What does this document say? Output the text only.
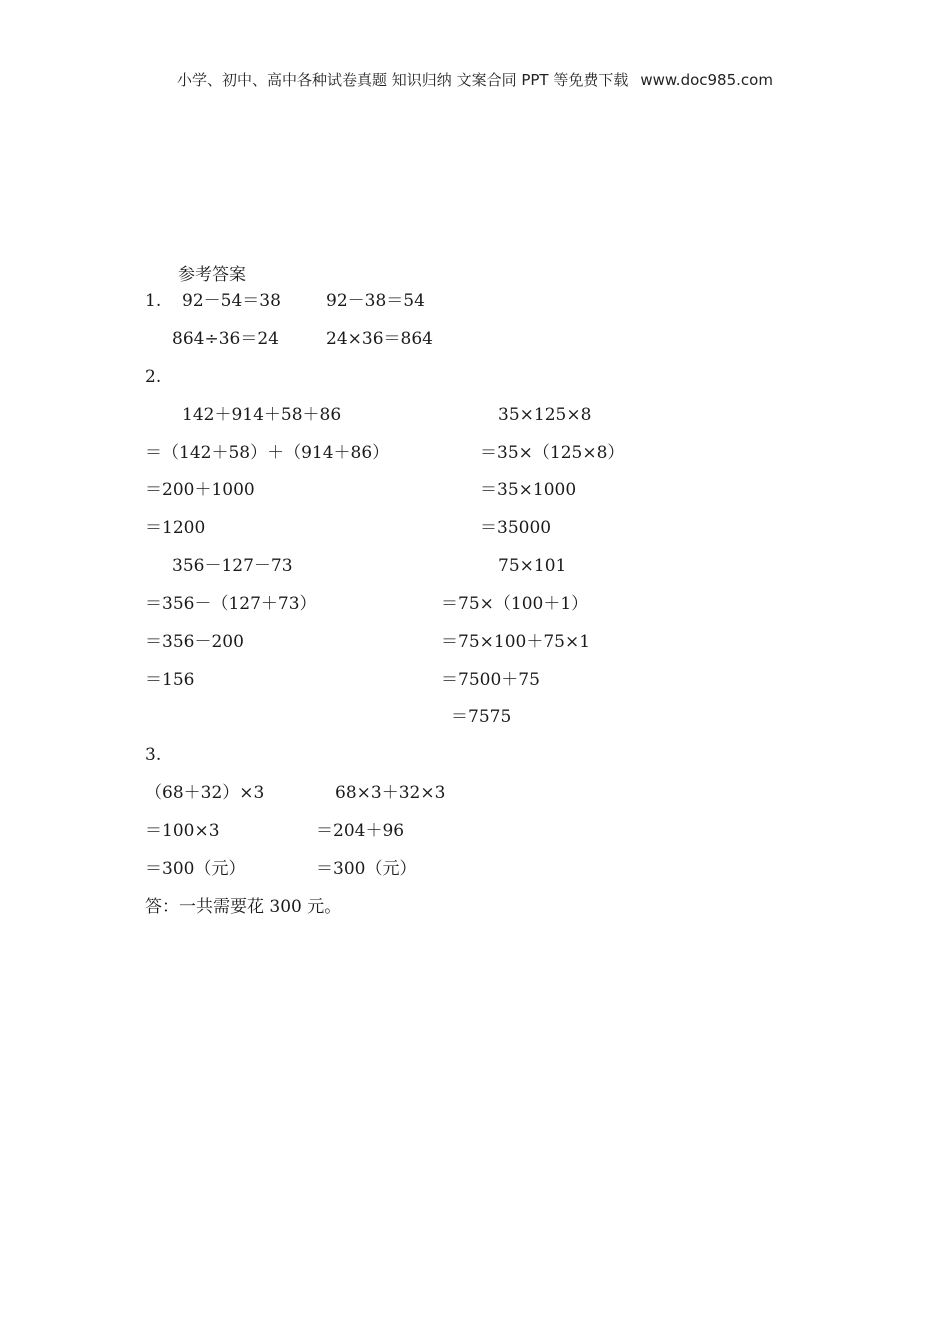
小学、初中、高中各种试卷真题 知识归纳 文案合同 PPT 等免费下载 www.doc985.com
参考答案
1. 92－54＝38	92－38＝54
864÷36＝24	24×36＝864
2.
142＋914＋58＋86
＝（142＋58）＋（914＋86）
＝200＋1000
＝1200
35×125×8
＝35×（125×8）
＝35×1000
＝35000
356－127－73
＝356－（127＋73）
＝356－200
＝156
75×101
＝75×（100＋1）
＝75×100＋75×1
＝7500＋75
＝7575
3.
（68＋32）×3
＝100×3
＝300（元）
68×3＋32×3
＝204＋96
＝300（元）
答：一共需要花 300 元。
